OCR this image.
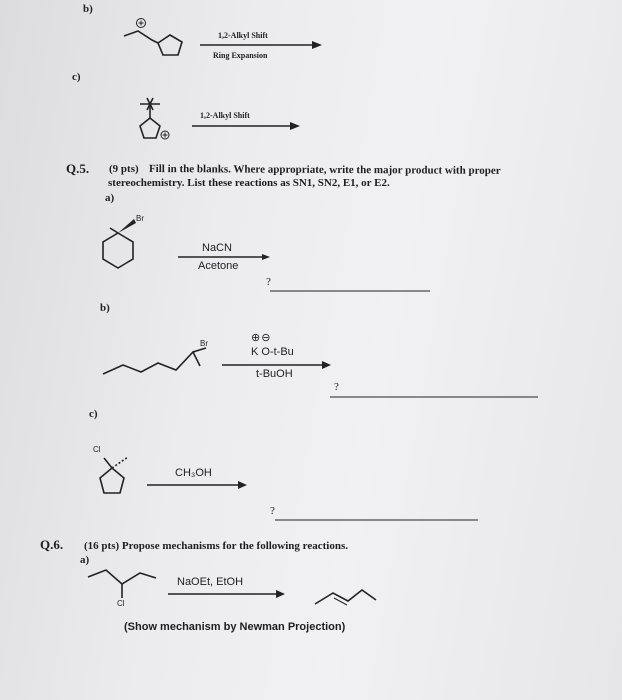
b)
1,2-Alkyl Shift
Ring Expansion
c)
1,2-Alkyl Shift
Q.5. (9 pts) Fill in the blanks. Where appropriate, write the major product with proper
stereochemistry. List these reactions as SN1, SN2, E1, or E2.
a)
Br
NaCN
Acetone
?
b)
Br	⊕⊖
K O-t-Bu
t-BuOH
?
c)
Cl
CH₃OH
?
Q.6. (16 pts) Propose mechanisms for the following reactions.
a)
NaOEt, EtOH
Cl
(Show mechanism by Newman Projection)
